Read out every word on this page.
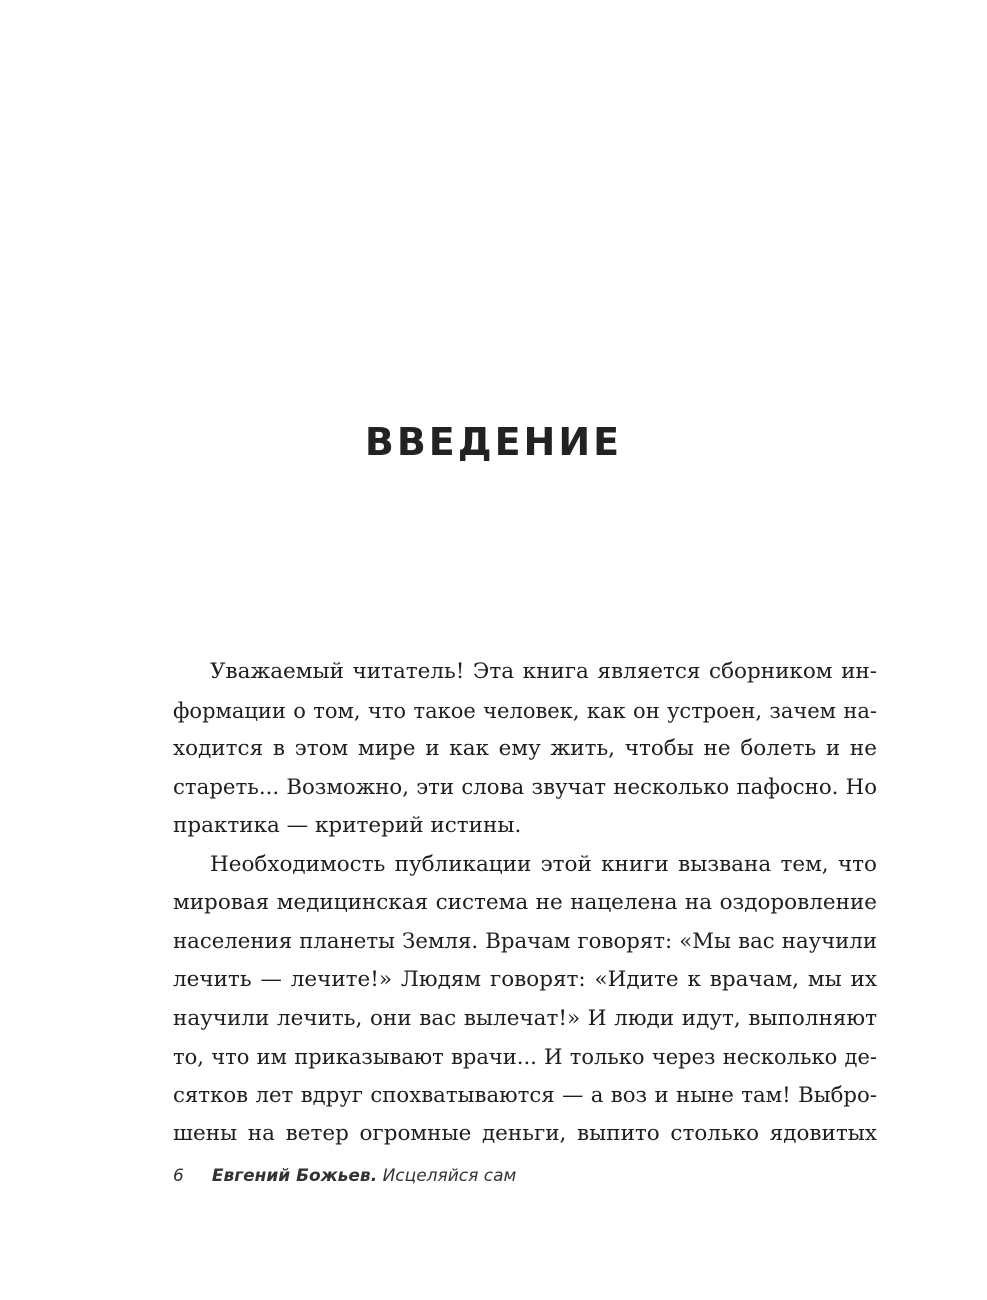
ВВЕДЕНИЕ
Уважаемый читатель! Эта книга является сборником ин-
формации о том, что такое человек, как он устроен, зачем на-
ходится в этом мире и как ему жить, чтобы не болеть и не
стареть... Возможно, эти слова звучат несколько пафосно. Но
практика — критерий истины.
Необходимость публикации этой книги вызвана тем, что
мировая медицинская система не нацелена на оздоровление
населения планеты Земля. Врачам говорят: «Мы вас научили
лечить — лечите!» Людям говорят: «Идите к врачам, мы их
научили лечить, они вас вылечат!» И люди идут, выполняют
то, что им приказывают врачи... И только через несколько де-
сятков лет вдруг спохватываются — а воз и ныне там! Выбро-
шены на ветер огромные деньги, выпито столько ядовитых
6 Евгений Божьев. Исцеляйся сам
